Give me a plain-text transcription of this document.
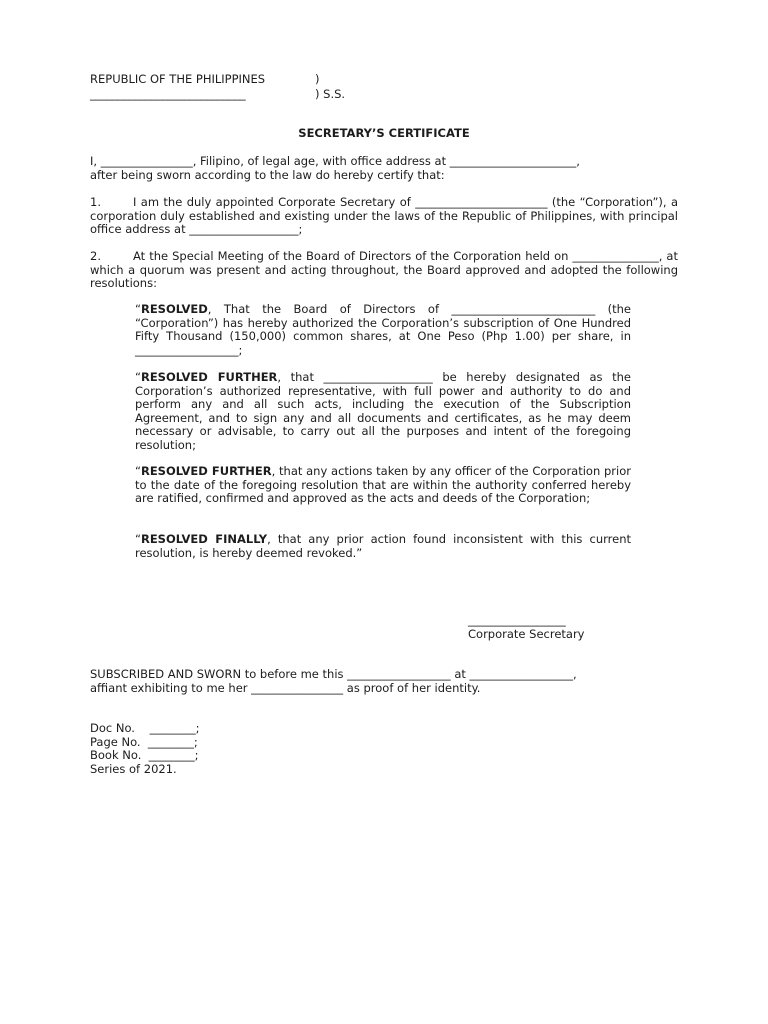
REPUBLIC OF THE PHILIPPINES	)
____________________________	) S.S.
SECRETARY’S CERTIFICATE
I, ________________, Filipino, of legal age, with office address at ______________________,
after being sworn according to the law do hereby certify that:
1.	I am the duly appointed Corporate Secretary of _______________________ (the “Corporation”), a corporation duly established and existing under the laws of the Republic of Philippines, with principal office address at ___________________;
2.	At the Special Meeting of the Board of Directors of the Corporation held on _______________, at which a quorum was present and acting throughout, the Board approved and adopted the following resolutions:
“RESOLVED, That the Board of Directors of _________________________ (the “Corporation”) has hereby authorized the Corporation’s subscription of One Hundred Fifty Thousand (150,000) common shares, at One Peso (Php 1.00) per share, in __________________;
“RESOLVED FURTHER, that ___________________ be hereby designated as the Corporation’s authorized representative, with full power and authority to do and perform any and all such acts, including the execution of the Subscription Agreement, and to sign any and all documents and certificates, as he may deem necessary or advisable, to carry out all the purposes and intent of the foregoing resolution;
“RESOLVED FURTHER, that any actions taken by any officer of the Corporation prior to the date of the foregoing resolution that are within the authority conferred hereby are ratified, confirmed and approved as the acts and deeds of the Corporation;
“RESOLVED FINALLY, that any prior action found inconsistent with this current resolution, is hereby deemed revoked.”
_________________
Corporate Secretary
SUBSCRIBED AND SWORN to before me this __________________ at __________________,
affiant exhibiting to me her ________________ as proof of her identity.
Doc No.    ________;
Page No.  ________;
Book No.  ________;
Series of 2021.
